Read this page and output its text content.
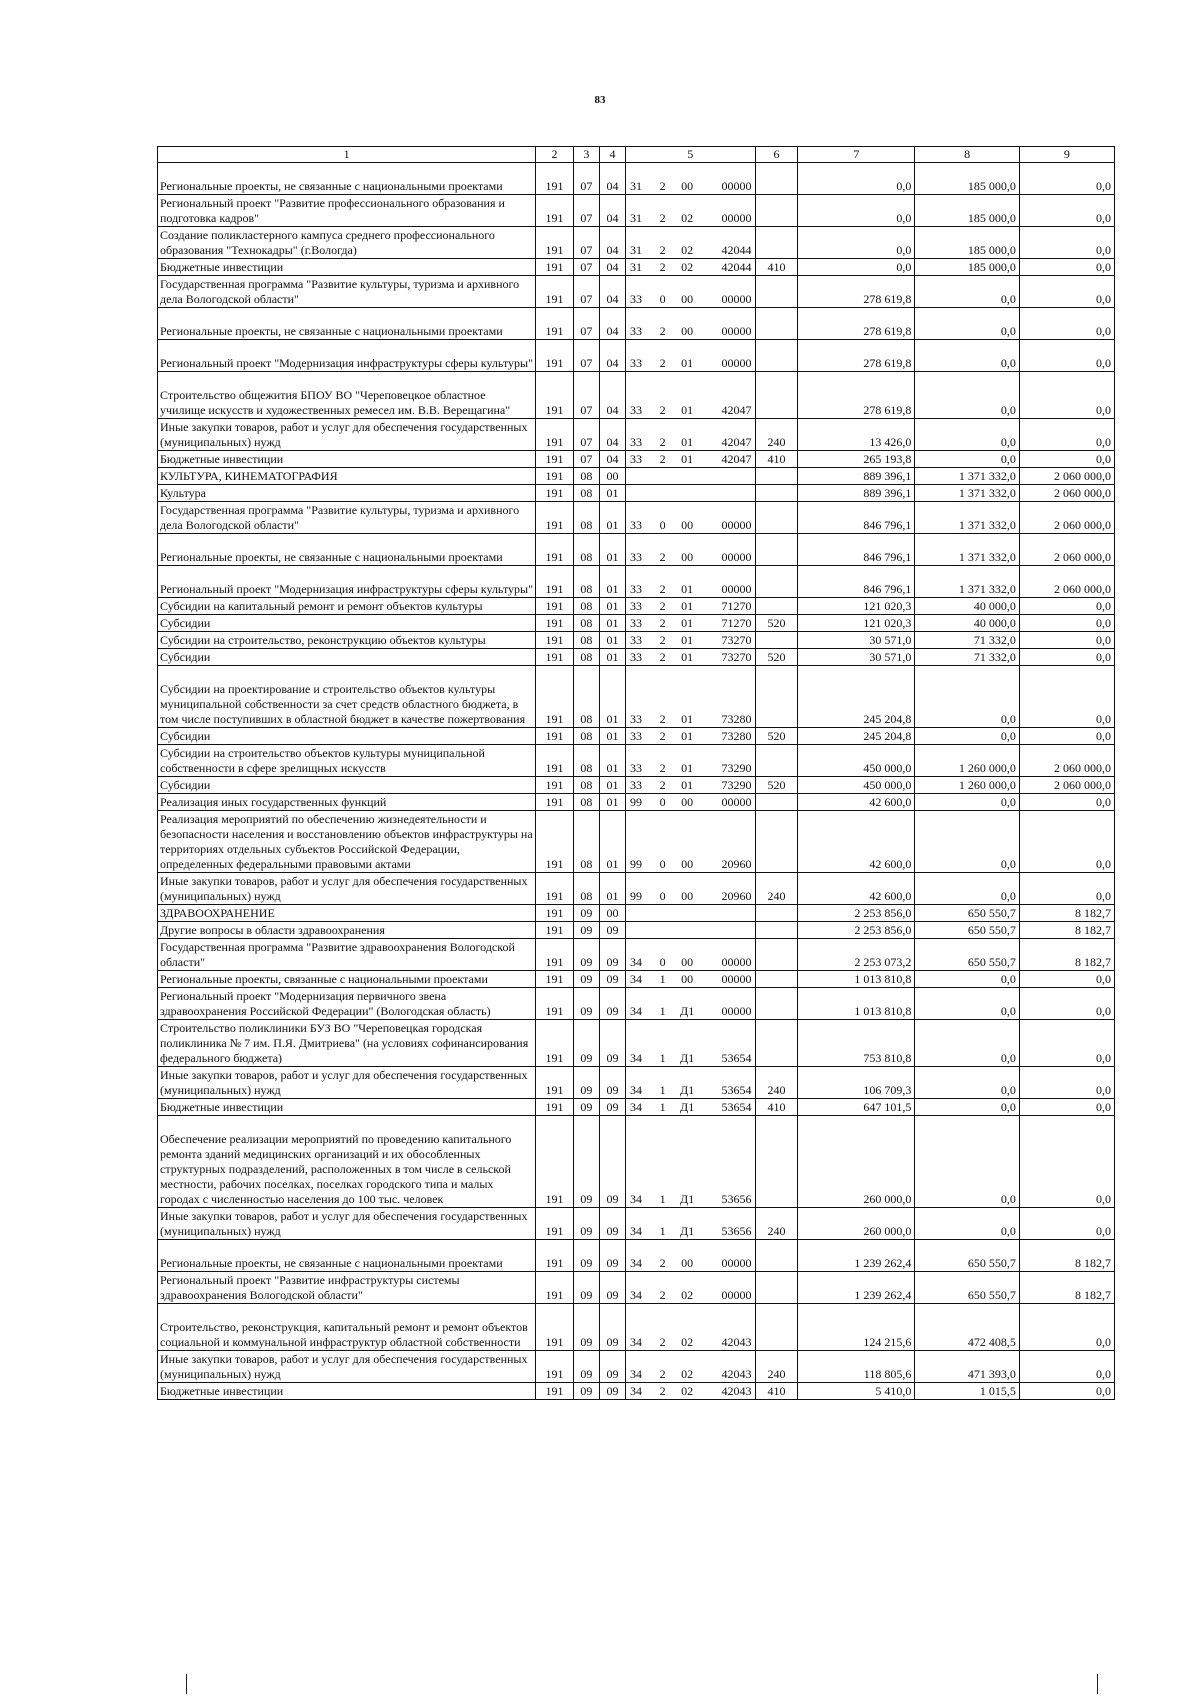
83
1	2	3	4	5				6	7	8	9
Региональные проекты, не связанные с национальными проектами	191	07	04	31	2	00	00000		0,0	185 000,0	0,0
Региональный проект "Развитие профессионального образования и подготовка кадров"	191	07	04	31	2	02	00000		0,0	185 000,0	0,0
Создание поликластерного кампуса среднего профессионального образования "Технокадры" (г.Вологда)	191	07	04	31	2	02	42044		0,0	185 000,0	0,0
Бюджетные инвестиции	191	07	04	31	2	02	42044	410	0,0	185 000,0	0,0
Государственная программа "Развитие культуры, туризма и архивного дела Вологодской области"	191	07	04	33	0	00	00000		278 619,8	0,0	0,0
Региональные проекты, не связанные с национальными проектами	191	07	04	33	2	00	00000		278 619,8	0,0	0,0
Региональный проект "Модернизация инфраструктуры сферы культуры"	191	07	04	33	2	01	00000		278 619,8	0,0	0,0
Строительство общежития БПОУ ВО "Череповецкое областное училище искусств и художественных ремесел им. В.В. Верещагина"	191	07	04	33	2	01	42047		278 619,8	0,0	0,0
Иные закупки товаров, работ и услуг для обеспечения государственных (муниципальных) нужд	191	07	04	33	2	01	42047	240	13 426,0	0,0	0,0
Бюджетные инвестиции	191	07	04	33	2	01	42047	410	265 193,8	0,0	0,0
КУЛЬТУРА, КИНЕМАТОГРАФИЯ	191	08	00						889 396,1	1 371 332,0	2 060 000,0
Культура	191	08	01						889 396,1	1 371 332,0	2 060 000,0
Государственная программа "Развитие культуры, туризма и архивного дела Вологодской области"	191	08	01	33	0	00	00000		846 796,1	1 371 332,0	2 060 000,0
Региональные проекты, не связанные с национальными проектами	191	08	01	33	2	00	00000		846 796,1	1 371 332,0	2 060 000,0
Региональный проект "Модернизация инфраструктуры сферы культуры"	191	08	01	33	2	01	00000		846 796,1	1 371 332,0	2 060 000,0
Субсидии на капитальный ремонт и ремонт объектов культуры	191	08	01	33	2	01	71270		121 020,3	40 000,0	0,0
Субсидии	191	08	01	33	2	01	71270	520	121 020,3	40 000,0	0,0
Субсидии на строительство, реконструкцию объектов культуры	191	08	01	33	2	01	73270		30 571,0	71 332,0	0,0
Субсидии	191	08	01	33	2	01	73270	520	30 571,0	71 332,0	0,0
Субсидии на проектирование и строительство объектов культуры муниципальной собственности за счет средств областного бюджета, в том числе поступивших в областной бюджет в качестве пожертвования	191	08	01	33	2	01	73280		245 204,8	0,0	0,0
Субсидии	191	08	01	33	2	01	73280	520	245 204,8	0,0	0,0
Субсидии на строительство объектов культуры муниципальной собственности в сфере зрелищных искусств	191	08	01	33	2	01	73290		450 000,0	1 260 000,0	2 060 000,0
Субсидии	191	08	01	33	2	01	73290	520	450 000,0	1 260 000,0	2 060 000,0
Реализация иных государственных функций	191	08	01	99	0	00	00000		42 600,0	0,0	0,0
Реализация мероприятий по обеспечению жизнедеятельности и безопасности населения и восстановлению объектов инфраструктуры на территориях отдельных субъектов Российской Федерации, определенных федеральными правовыми актами	191	08	01	99	0	00	20960		42 600,0	0,0	0,0
Иные закупки товаров, работ и услуг для обеспечения государственных (муниципальных) нужд	191	08	01	99	0	00	20960	240	42 600,0	0,0	0,0
ЗДРАВООХРАНЕНИЕ	191	09	00						2 253 856,0	650 550,7	8 182,7
Другие вопросы в области здравоохранения	191	09	09						2 253 856,0	650 550,7	8 182,7
Государственная программа "Развитие здравоохранения Вологодской области"	191	09	09	34	0	00	00000		2 253 073,2	650 550,7	8 182,7
Региональные проекты, связанные с национальными проектами	191	09	09	34	1	00	00000		1 013 810,8	0,0	0,0
Региональный проект "Модернизация первичного звена здравоохранения Российской Федерации" (Вологодская область)	191	09	09	34	1	Д1	00000		1 013 810,8	0,0	0,0
Строительство поликлиники БУЗ ВО "Череповецкая городская поликлиника № 7 им. П.Я. Дмитриева" (на условиях софинансирования федерального бюджета)	191	09	09	34	1	Д1	53654		753 810,8	0,0	0,0
Иные закупки товаров, работ и услуг для обеспечения государственных (муниципальных) нужд	191	09	09	34	1	Д1	53654	240	106 709,3	0,0	0,0
Бюджетные инвестиции	191	09	09	34	1	Д1	53654	410	647 101,5	0,0	0,0
Обеспечение реализации мероприятий по проведению капитального ремонта зданий медицинских организаций и их обособленных структурных подразделений, расположенных в том числе в сельской местности, рабочих поселках, поселках городского типа и малых городах с численностью населения до 100 тыс. человек	191	09	09	34	1	Д1	53656		260 000,0	0,0	0,0
Иные закупки товаров, работ и услуг для обеспечения государственных (муниципальных) нужд	191	09	09	34	1	Д1	53656	240	260 000,0	0,0	0,0
Региональные проекты, не связанные с национальными проектами	191	09	09	34	2	00	00000		1 239 262,4	650 550,7	8 182,7
Региональный проект "Развитие инфраструктуры системы здравоохранения Вологодской области"	191	09	09	34	2	02	00000		1 239 262,4	650 550,7	8 182,7
Строительство, реконструкция, капитальный ремонт и ремонт объектов социальной и коммунальной инфраструктур областной собственности	191	09	09	34	2	02	42043		124 215,6	472 408,5	0,0
Иные закупки товаров, работ и услуг для обеспечения государственных (муниципальных) нужд	191	09	09	34	2	02	42043	240	118 805,6	471 393,0	0,0
Бюджетные инвестиции	191	09	09	34	2	02	42043	410	5 410,0	1 015,5	0,0
